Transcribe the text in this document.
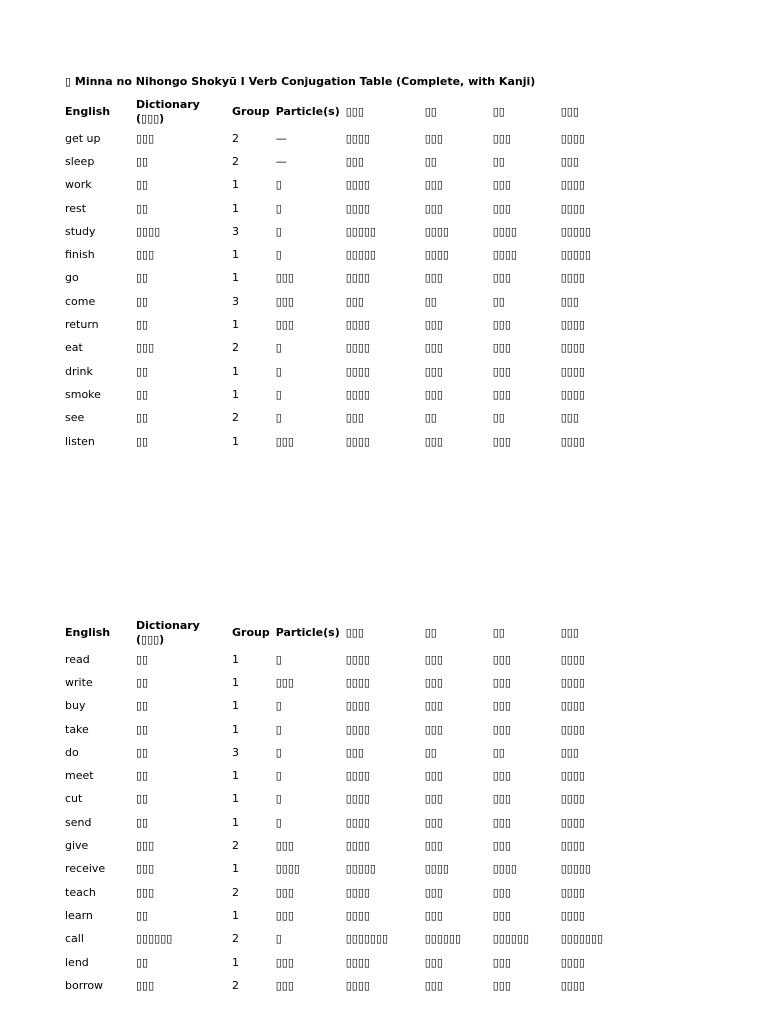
▯ Minna no Nihongo Shokyū I Verb Conjugation Table (Complete, with Kanji)
English	Dictionary (▯▯▯)	Group	Particle(s)	▯▯▯	▯▯	▯▯	▯▯▯
get up	▯▯▯	2	—	▯▯▯▯	▯▯▯	▯▯▯	▯▯▯▯
sleep	▯▯	2	—	▯▯▯	▯▯	▯▯	▯▯▯
work	▯▯	1	▯	▯▯▯▯	▯▯▯	▯▯▯	▯▯▯▯
rest	▯▯	1	▯	▯▯▯▯	▯▯▯	▯▯▯	▯▯▯▯
study	▯▯▯▯	3	▯	▯▯▯▯▯	▯▯▯▯	▯▯▯▯	▯▯▯▯▯
finish	▯▯▯	1	▯	▯▯▯▯▯	▯▯▯▯	▯▯▯▯	▯▯▯▯▯
go	▯▯	1	▯▯▯	▯▯▯▯	▯▯▯	▯▯▯	▯▯▯▯
come	▯▯	3	▯▯▯	▯▯▯	▯▯	▯▯	▯▯▯
return	▯▯	1	▯▯▯	▯▯▯▯	▯▯▯	▯▯▯	▯▯▯▯
eat	▯▯▯	2	▯	▯▯▯▯	▯▯▯	▯▯▯	▯▯▯▯
drink	▯▯	1	▯	▯▯▯▯	▯▯▯	▯▯▯	▯▯▯▯
smoke	▯▯	1	▯	▯▯▯▯	▯▯▯	▯▯▯	▯▯▯▯
see	▯▯	2	▯	▯▯▯	▯▯	▯▯	▯▯▯
listen	▯▯	1	▯▯▯	▯▯▯▯	▯▯▯	▯▯▯	▯▯▯▯
English	Dictionary (▯▯▯)	Group	Particle(s)	▯▯▯	▯▯	▯▯	▯▯▯
read	▯▯	1	▯	▯▯▯▯	▯▯▯	▯▯▯	▯▯▯▯
write	▯▯	1	▯▯▯	▯▯▯▯	▯▯▯	▯▯▯	▯▯▯▯
buy	▯▯	1	▯	▯▯▯▯	▯▯▯	▯▯▯	▯▯▯▯
take	▯▯	1	▯	▯▯▯▯	▯▯▯	▯▯▯	▯▯▯▯
do	▯▯	3	▯	▯▯▯	▯▯	▯▯	▯▯▯
meet	▯▯	1	▯	▯▯▯▯	▯▯▯	▯▯▯	▯▯▯▯
cut	▯▯	1	▯	▯▯▯▯	▯▯▯	▯▯▯	▯▯▯▯
send	▯▯	1	▯	▯▯▯▯	▯▯▯	▯▯▯	▯▯▯▯
give	▯▯▯	2	▯▯▯	▯▯▯▯	▯▯▯	▯▯▯	▯▯▯▯
receive	▯▯▯	1	▯▯▯▯	▯▯▯▯▯	▯▯▯▯	▯▯▯▯	▯▯▯▯▯
teach	▯▯▯	2	▯▯▯	▯▯▯▯	▯▯▯	▯▯▯	▯▯▯▯
learn	▯▯	1	▯▯▯	▯▯▯▯	▯▯▯	▯▯▯	▯▯▯▯
call	▯▯▯▯▯▯	2	▯	▯▯▯▯▯▯▯	▯▯▯▯▯▯	▯▯▯▯▯▯	▯▯▯▯▯▯▯
lend	▯▯	1	▯▯▯	▯▯▯▯	▯▯▯	▯▯▯	▯▯▯▯
borrow	▯▯▯	2	▯▯▯	▯▯▯▯	▯▯▯	▯▯▯	▯▯▯▯
